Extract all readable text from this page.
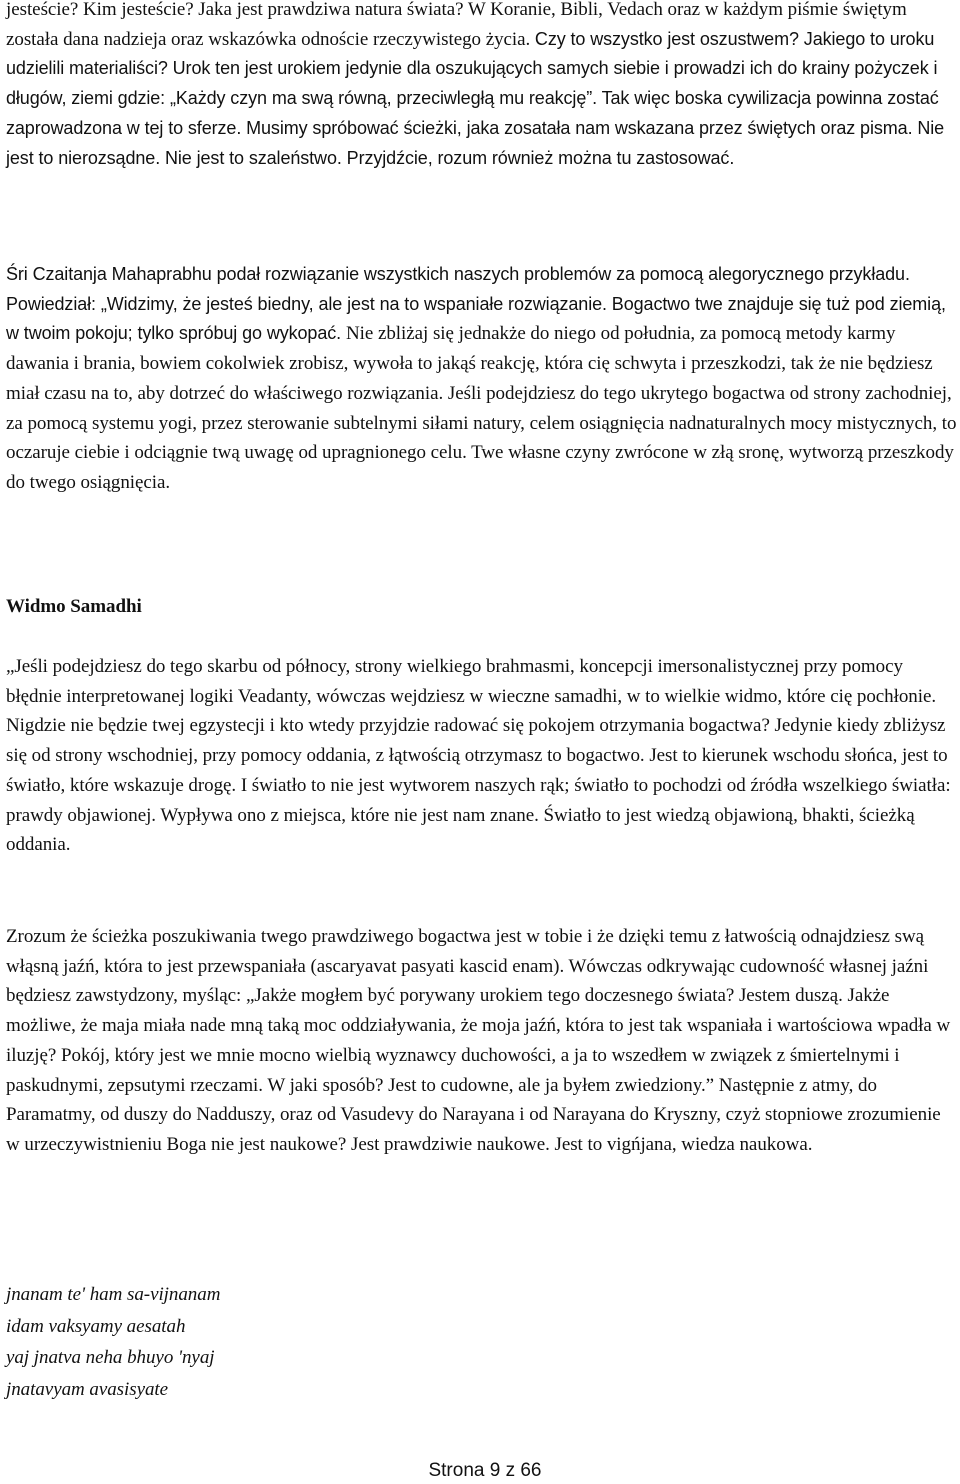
jesteście? Kim jesteście? Jaka jest prawdziwa natura świata? W Koranie, Bibli, Vedach oraz w każdym piśmie świętym została dana nadzieja oraz wskazówka odnoście rzeczywistego życia. Czy to wszystko jest oszustwem? Jakiego to uroku udzielili materialiści? Urok ten jest urokiem jedynie dla oszukujących samych siebie i prowadzi ich do krainy pożyczek i długów, ziemi gdzie: „Każdy czyn ma swą równą, przeciwległą mu reakcję”. Tak więc boska cywilizacja powinna zostać zaprowadzona w tej to sferze. Musimy spróbować ścieżki, jaka zosatała nam wskazana przez świętych oraz pisma. Nie jest to nierozsądne. Nie jest to szaleństwo. Przyjdźcie, rozum również można tu zastosować.

Śri Czaitanja Mahaprabhu podał rozwiązanie wszystkich naszych problemów za pomocą alegorycznego przykładu. Powiedział: „Widzimy, że jesteś biedny, ale jest na to wspaniałe rozwiązanie. Bogactwo twe znajduje się tuż pod ziemią, w twoim pokoju; tylko spróbuj go wykopać. Nie zbliżaj się jednakże do niego od południa, za pomocą metody karmy dawania i brania, bowiem cokolwiek zrobisz, wywoła to jakąś reakcję, która cię schwyta i przeszkodzi, tak że nie będziesz miał czasu na to, aby dotrzeć do właściwego rozwiązania. Jeśli podejdziesz do tego ukrytego bogactwa od strony zachodniej, za pomocą systemu yogi, przez sterowanie subtelnymi siłami natury, celem osiągnięcia nadnaturalnych mocy mistycznych, to oczaruje ciebie i odciągnie twą uwagę od upragnionego celu. Twe własne czyny zwrócone w złą sronę, wytworzą przeszkody do twego osiągnięcia.

Widmo Samadhi

„Jeśli podejdziesz do tego skarbu od północy, strony wielkiego brahmasmi, koncepcji imersonalistycznej przy pomocy błędnie interpretowanej logiki Veadanty, wówczas wejdziesz w wieczne samadhi, w to wielkie widmo, które cię pochłonie. Nigdzie nie będzie twej egzystecji i kto wtedy przyjdzie radować się pokojem otrzymania bogactwa? Jedynie kiedy zbliżysz się od strony wschodniej, przy pomocy oddania, z łątwością otrzymasz to bogactwo. Jest to kierunek wschodu słońca, jest to światło, które wskazuje drogę. I światło to nie jest wytworem naszych rąk; światło to pochodzi od źródła wszelkiego światła: prawdy objawionej. Wypływa ono z miejsca, które nie jest nam znane. Światło to jest wiedzą objawioną, bhakti, ścieżką oddania.

Zrozum że ścieżka poszukiwania twego prawdziwego bogactwa jest w tobie i że dzięki temu z łatwością odnajdziesz swą włąsną jaźń, która to jest przewspaniała (ascaryavat pasyati kascid enam). Wówczas odkrywając cudowność własnej jaźni będziesz zawstydzony, myśląc: „Jakże mogłem być porywany urokiem tego doczesnego świata? Jestem duszą. Jakże możliwe, że maja miała nade mną taką moc oddziaływania, że moja jaźń, która to jest tak wspaniała i wartościowa wpadła w iluzję? Pokój, który jest we mnie mocno wielbią wyznawcy duchowości, a ja to wszedłem w związek z śmiertelnymi i paskudnymi, zepsutymi rzeczami. W jaki sposób? Jest to cudowne, ale ja byłem zwiedziony.” Następnie z atmy, do Paramatmy, od duszy do Nadduszy, oraz od Vasudevy do Narayana i od Narayana do Kryszny, czyż stopniowe zrozumienie w urzeczywistnieniu Boga nie jest naukowe? Jest prawdziwie naukowe. Jest to vigńjana, wiedza naukowa.

jnanam te' ham sa-vijnanam
idam vaksyamy aesatah
yaj jnatva neha bhuyo 'nyaj
jnatavyam avasisyate
Strona 9 z 66
